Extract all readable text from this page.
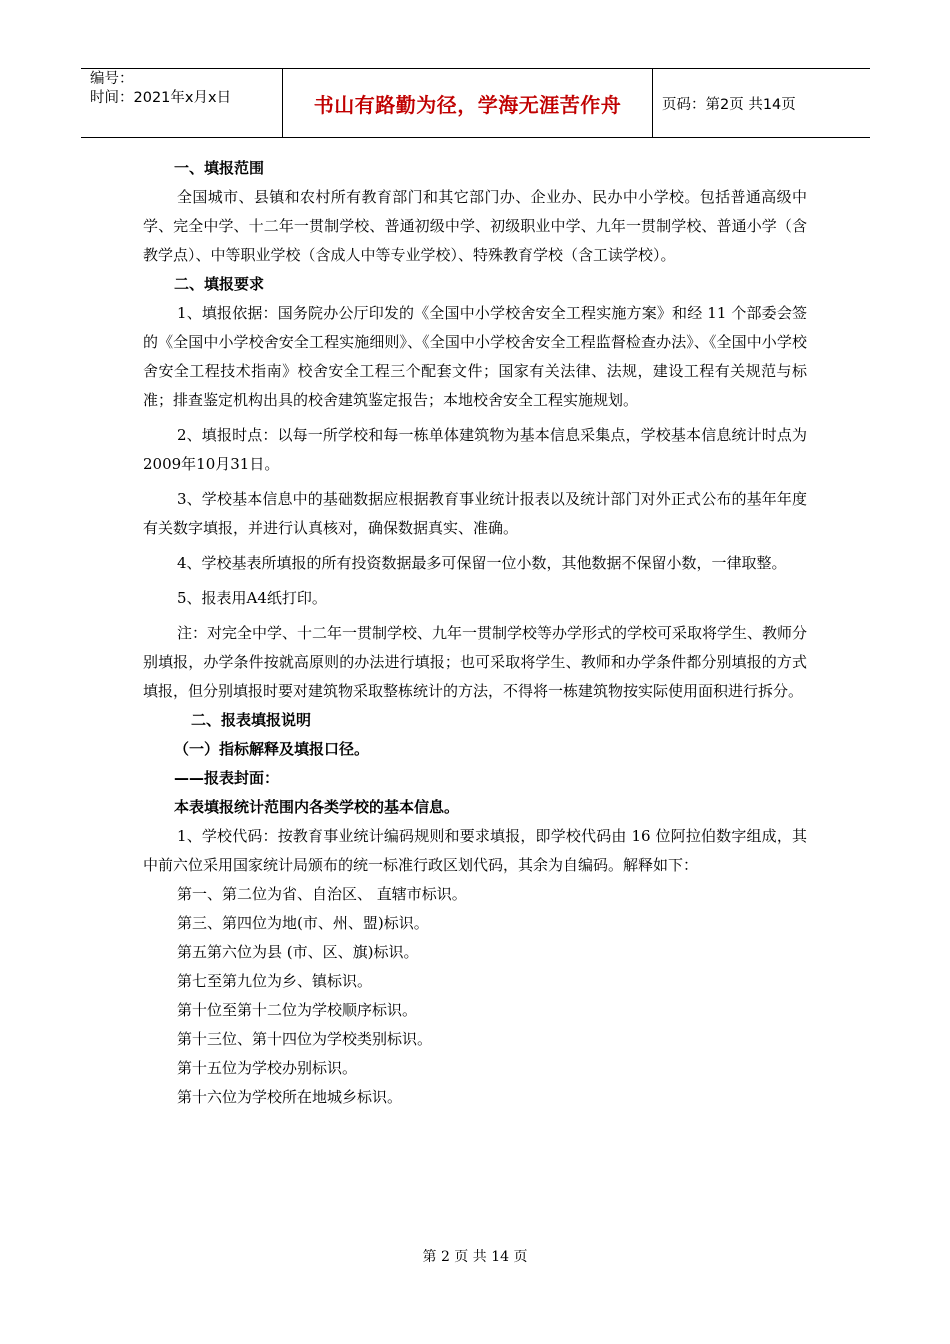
编号：
时间：2021年x月x日	书山有路勤为径，学海无涯苦作舟	页码：第2页 共14页

一、填报范围

全国城市、县镇和农村所有教育部门和其它部门办、企业办、民办中小学校。包括普通高级中学、完全中学、十二年一贯制学校、普通初级中学、初级职业中学、九年一贯制学校、普通小学（含教学点）、中等职业学校（含成人中等专业学校）、特殊教育学校（含工读学校）。

二、填报要求

1、填报依据：国务院办公厅印发的《全国中小学校舍安全工程实施方案》和经 11 个部委会签的《全国中小学校舍安全工程实施细则》、《全国中小学校舍安全工程监督检查办法》、《全国中小学校舍安全工程技术指南》校舍安全工程三个配套文件；国家有关法律、法规，建设工程有关规范与标准；排查鉴定机构出具的校舍建筑鉴定报告；本地校舍安全工程实施规划。

2、填报时点：以每一所学校和每一栋单体建筑物为基本信息采集点，学校基本信息统计时点为2009年10月31日。

3、学校基本信息中的基础数据应根据教育事业统计报表以及统计部门对外正式公布的基年年度有关数字填报，并进行认真核对，确保数据真实、准确。

4、学校基表所填报的所有投资数据最多可保留一位小数，其他数据不保留小数，一律取整。

5、报表用A4纸打印。

注：对完全中学、十二年一贯制学校、九年一贯制学校等办学形式的学校可采取将学生、教师分别填报，办学条件按就高原则的办法进行填报；也可采取将学生、教师和办学条件都分别填报的方式填报，但分别填报时要对建筑物采取整栋统计的方法，不得将一栋建筑物按实际使用面积进行拆分。

二、报表填报说明

（一）指标解释及填报口径。

——报表封面：

本表填报统计范围内各类学校的基本信息。

1、学校代码：按教育事业统计编码规则和要求填报，即学校代码由 16 位阿拉伯数字组成，其中前六位采用国家统计局颁布的统一标准行政区划代码，其余为自编码。解释如下：

第一、第二位为省、自治区、 直辖市标识。

第三、第四位为地(市、州、盟)标识。

第五第六位为县 (市、区、旗)标识。

第七至第九位为乡、镇标识。

第十位至第十二位为学校顺序标识。

第十三位、第十四位为学校类别标识。

第十五位为学校办别标识。

第十六位为学校所在地城乡标识。

第 2 页 共 14 页
